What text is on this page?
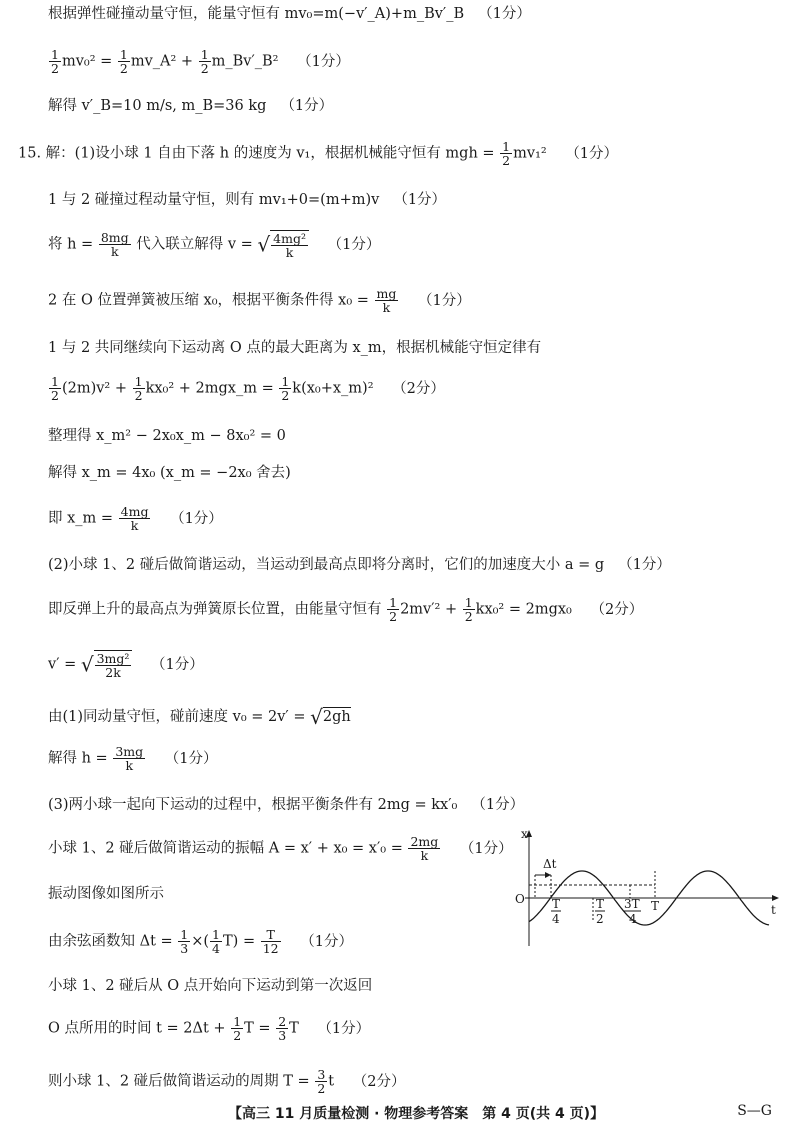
根据弹性碰撞动量守恒，能量守恒有 mv₀=m(−v′_A)+m_Bv′_B （1分）
$\frac{1}{2} mv_0^2 = \frac{1}{2}$ mv_A² + $\frac{1}{2}$ m_Bv′_B² （1分）
解得 v′_B=10 m/s, m_B=36 kg （1分）
15. 解：(1)设小球 1 自由下落 h 的速度为 v₁，根据机械能守恒有 mgh = $\frac{1}{2} mv_1^2$ （1分）
1 与 2 碰撞过程动量守恒，则有 mv₁+0=(m+m)v （1分）
将 $h = \frac{8mg}{k}$ 代入联立解得 v = √ $\frac{\text{4mg²}}{k} (1$分）
2 在 O 位置弹簧被压缩 x₀，根据平衡条件得 $x_0 = \frac{mg}{k} (1$分）
1 与 2 共同继续向下运动离 O 点的最大距离为 x_m，根据机械能守恒定律有
$\frac{1}{2} (2m)v^2 + \frac{1}{2} kx_0^2$ + 2mgx_m = $\frac{1}{2}$ k(x₀+x_m)² （2分）
整理得 x_m² − 2x₀x_m − 8x₀² = 0
解得 x_m = 4x₀ (x_m = −2x₀ 舍去)
即 x_m = $\frac{4mg}{k} (1$分）
(2)小球 1、2 碰后做简谐运动，当运动到最高点即将分离时，它们的加速度大小 a = g （1分）
即反弹上升的最高点为弹簧原长位置，由能量守恒有 $\frac{1}{2} 2mv'^2 + \frac{1}{2} kx_0^2 = 2mgx_0$ （2分）
v′ = √ $\frac{\text{3mg²}}{2k} (1$分）
由(1)同动量守恒，碰前速度 v₀ = 2v′ = √2gh
解得 $h = \frac{3mg}{k} (1$分）
(3)两小球一起向下运动的过程中，根据平衡条件有 2mg = kx′₀ （1分）
小球 1、2 碰后做简谐运动的振幅 $A = x' + x_0 = x'_0 = \frac{2mg}{k} (1$分）
振动图像如图所示
由余弦函数知 $\Delta t = \frac{1}{3}$ ×( $\frac{1}{4} T) = \frac{T}{12} (1$分）
小球 1、2 碰后从 O 点开始向下运动到第一次返回
O 点所用的时间 $t = 2\Delta t + \frac{1}{2}$ $T = \frac{2}{3}$ T （1分）
则小球 1、2 碰后做简谐运动的周期 $T = \frac{3}{2}$ t （2分）
x
t
O
Δt
T
4
T
2
3T
4
T
【高三 11 月质量检测 · 物理参考答案　第 4 页(共 4 页)】	S—G
